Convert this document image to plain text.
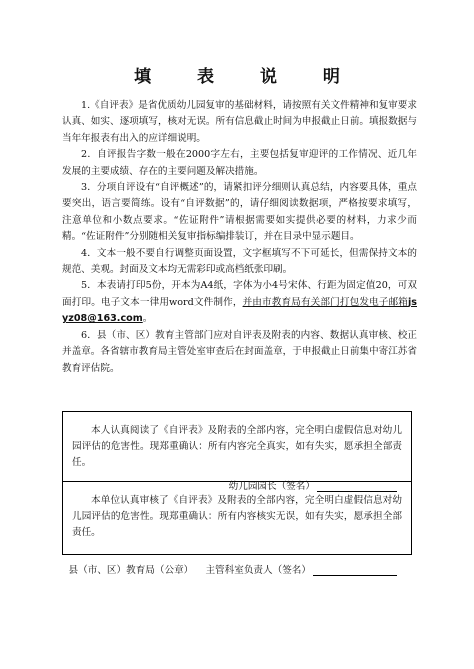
填 表 说 明

1.《自评表》是省优质幼儿园复审的基础材料，请按照有关文件精神和复审要求认真、如实、逐项填写，核对无误。所有信息截止时间为申报截止日前。填报数据与当年年报表有出入的应详细说明。

2．自评报告字数一般在2000字左右，主要包括复审迎评的工作情况、近几年发展的主要成绩、存在的主要问题及解决措施。

3．分项自评设有“自评概述”的，请紧扣评分细则认真总结，内容要具体，重点要突出，语言要简练。设有“自评数据”的，请仔细阅读数据项，严格按要求填写，注意单位和小数点要求。“佐证附件”请根据需要如实提供必要的材料，力求少而精。“佐证附件”分别随相关复审指标编排装订，并在目录中显示题目。

4．文本一般不要自行调整页面设置，文字框填写不下可延长，但需保持文本的规范、美观。封面及文本均无需彩印或高档纸张印刷。

5．本表请打印5份，开本为A4纸，字体为小4号宋体、行距为固定值20，可双面打印。电子文本一律用word文件制作，并由市教育局有关部门打包发电子邮箱jsyz08@163.com。

6．县（市、区）教育主管部门应对自评表及附表的内容、数据认真审核、校正并盖章。各省辖市教育局主管处室审查后在封面盖章，于申报截止日前集中寄江苏省教育评估院。

本人认真阅读了《自评表》及附表的全部内容，完全明白虚假信息对幼儿园评估的危害性。现郑重确认：所有内容完全真实，如有失实，愿承担全部责任。

幼儿园园长（签名）

本单位认真审核了《自评表》及附表的全部内容，完全明白虚假信息对幼儿园评估的危害性。现郑重确认：所有内容核实无误，如有失实，愿承担全部责任。

县（市、区）教育局（公章）    主管科室负责人（签名）
